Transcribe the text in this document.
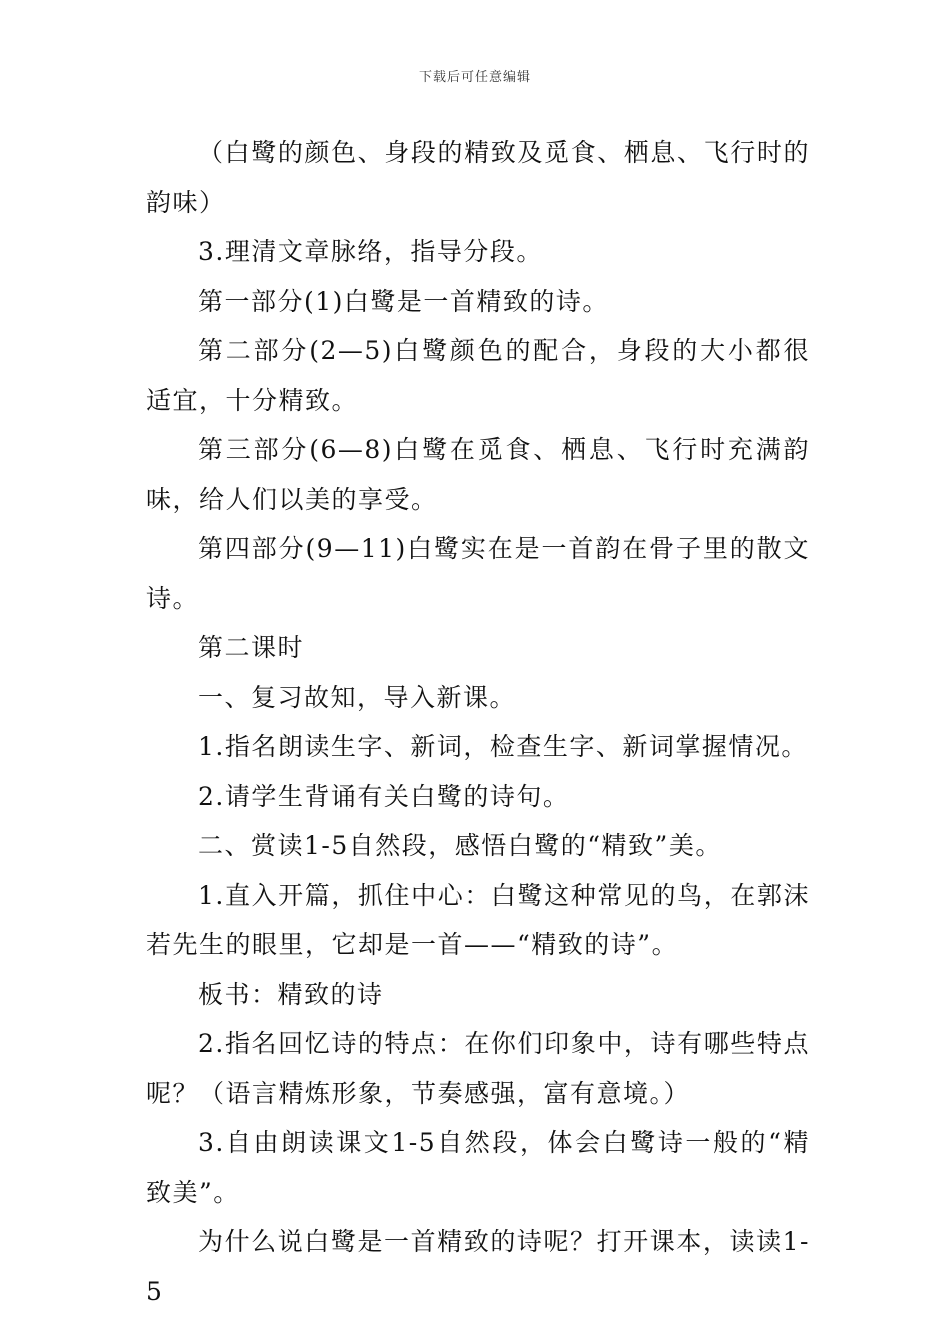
下载后可任意编辑

（白鹭的颜色、身段的精致及觅食、栖息、飞行时的韵味）

3.理清文章脉络，指导分段。

第一部分(1)白鹭是一首精致的诗。

第二部分(2—5)白鹭颜色的配合，身段的大小都很适宜，十分精致。

第三部分(6—8)白鹭在觅食、栖息、飞行时充满韵味，给人们以美的享受。

第四部分(9—11)白鹭实在是一首韵在骨子里的散文诗。

第二课时

一、复习故知，导入新课。

1.指名朗读生字、新词，检查生字、新词掌握情况。

2.请学生背诵有关白鹭的诗句。

二、赏读1-5自然段，感悟白鹭的“精致”美。

1.直入开篇，抓住中心：白鹭这种常见的鸟，在郭沫若先生的眼里，它却是一首——“精致的诗”。

板书：精致的诗

2.指名回忆诗的特点：在你们印象中，诗有哪些特点呢？（语言精炼形象，节奏感强，富有意境。）

3.自由朗读课文1-5自然段，体会白鹭诗一般的“精致美”。

为什么说白鹭是一首精致的诗呢？打开课本，读读1-5
